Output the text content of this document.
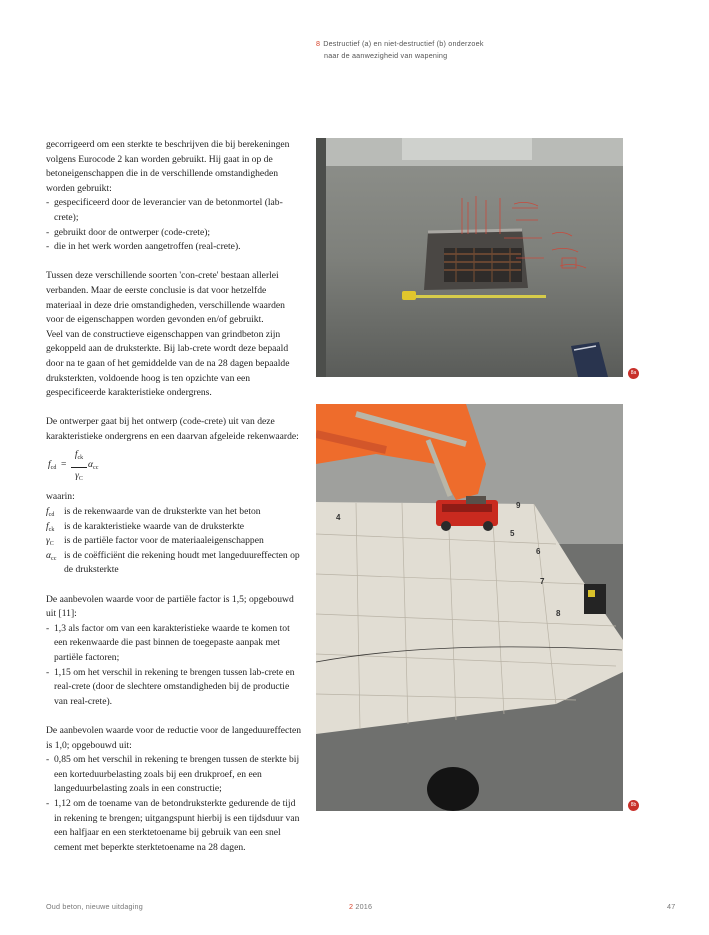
8 Destructief (a) en niet-destructief (b) onderzoek
naar de aanwezigheid van wapening

gecorrigeerd om een sterkte te beschrijven die bij berekeningen volgens Eurocode 2 kan worden gebruikt. Hij gaat in op de betoneigenschappen die in de verschillende omstandigheden worden gebruikt:

- gespecificeerd door de leverancier van de betonmortel (lab-crete);
- gebruikt door de ontwerper (code-crete);
- die in het werk worden aangetroffen (real-crete).

Tussen deze verschillende soorten 'con-crete' bestaan allerlei verbanden. Maar de eerste conclusie is dat voor hetzelfde materiaal in deze drie omstandigheden, verschillende waarden voor de eigenschappen worden gevonden en/of gebruikt.

Veel van de constructieve eigenschappen van grindbeton zijn gekoppeld aan de druksterkte. Bij lab-crete wordt deze bepaald door na te gaan of het gemiddelde van de na 28 dagen bepaalde druksterkten, voldoende hoog is ten opzichte van een gespecificeerde karakteristieke ondergrens.

De ontwerper gaat bij het ontwerp (code-crete) uit van deze karakteristieke ondergrens en een daarvan afgeleide rekenwaarde:

$f_{cd}$ =
$f_{ck}$
$\gamma_C$
$\alpha_{cc}$

waarin:

$f_{cd}$ is de rekenwaarde van de druksterkte van het beton
$f_{ck}$ is de karakteristieke waarde van de druksterkte
$\gamma_C$ is de partiële factor voor de materiaaleigenschappen
$\alpha_{cc}$ is de coëfficiënt die rekening houdt met langeduureffecten op de druksterkte

De aanbevolen waarde voor de partiële factor is 1,5; opgebouwd uit [11]:

- 1,3 als factor om van een karakteristieke waarde te komen tot een rekenwaarde die past binnen de toegepaste aanpak met partiële factoren;
- 1,15 om het verschil in rekening te brengen tussen lab-crete en real-crete (door de slechtere omstandigheden bij de productie van real-crete).

De aanbevolen waarde voor de reductie voor de langeduureffecten is 1,0; opgebouwd uit:

- 0,85 om het verschil in rekening te brengen tussen de sterkte bij een korteduurbelasting zoals bij een drukproef, en een langeduurbelasting zoals in een constructie;
- 1,12 om de toename van de betondruksterkte gedurende de tijd in rekening te brengen; uitgangspunt hierbij is een tijdsduur van een halfjaar en een sterktetoename bij gebruik van een snel cement met beperkte sterktetoename na 28 dagen.
8a
4
5
6
7
8
9
8b
Oud beton, nieuwe uitdaging	2 2016	47
